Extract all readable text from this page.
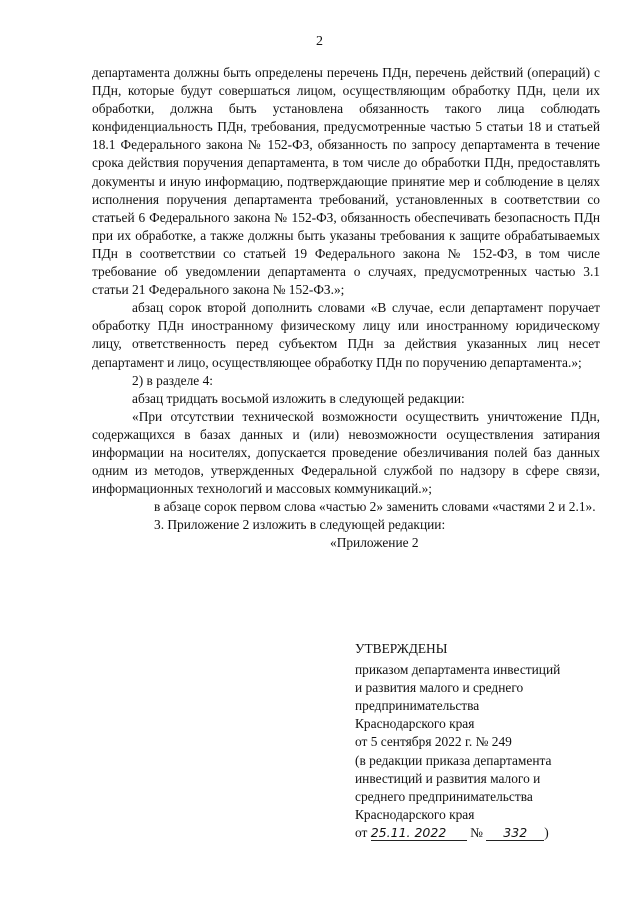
2

департамента должны быть определены перечень ПДн, перечень действий (операций) с ПДн, которые будут совершаться лицом, осуществляющим обработку ПДн, цели их обработки, должна быть установлена обязанность такого лица соблюдать конфиденциальность ПДн, требования, предусмотренные частью 5 статьи 18 и статьей 18.1 Федерального закона № 152-ФЗ, обязанность по запросу департамента в течение срока действия поручения департамента, в том числе до обработки ПДн, предоставлять документы и иную информацию, подтверждающие принятие мер и соблюдение в целях исполнения поручения департамента требований, установленных в соответствии со статьей 6 Федерального закона № 152-ФЗ, обязанность обеспечивать безопасность ПДн при их обработке, а также должны быть указаны требования к защите обрабатываемых ПДн в соответствии со статьей 19 Федерального закона № 152-ФЗ, в том числе требование об уведомлении департамента о случаях, предусмотренных частью 3.1 статьи 21 Федерального закона № 152-ФЗ.»;

абзац сорок второй дополнить словами «В случае, если департамент поручает обработку ПДн иностранному физическому лицу или иностранному юридическому лицу, ответственность перед субъектом ПДн за действия указанных лиц несет департамент и лицо, осуществляющее обработку ПДн по поручению департамента.»;

2) в разделе 4:

абзац тридцать восьмой изложить в следующей редакции:

«При отсутствии технической возможности осуществить уничтожение ПДн, содержащихся в базах данных и (или) невозможности осуществления затирания информации на носителях, допускается проведение обезличивания полей баз данных одним из методов, утвержденных Федеральной службой по надзору в сфере связи, информационных технологий и массовых коммуникаций.»;

в абзаце сорок первом слова «частью 2» заменить словами «частями 2 и 2.1».

3. Приложение 2 изложить в следующей редакции:

«Приложение 2

УТВЕРЖДЕНЫ
приказом департамента инвестиций
и развития малого и среднего
предпринимательства
Краснодарского края
от 5 сентября 2022 г. № 249
(в редакции приказа департамента
инвестиций и развития малого и
среднего предпринимательства
Краснодарского края
от 25.11. 2022 № 332 )
